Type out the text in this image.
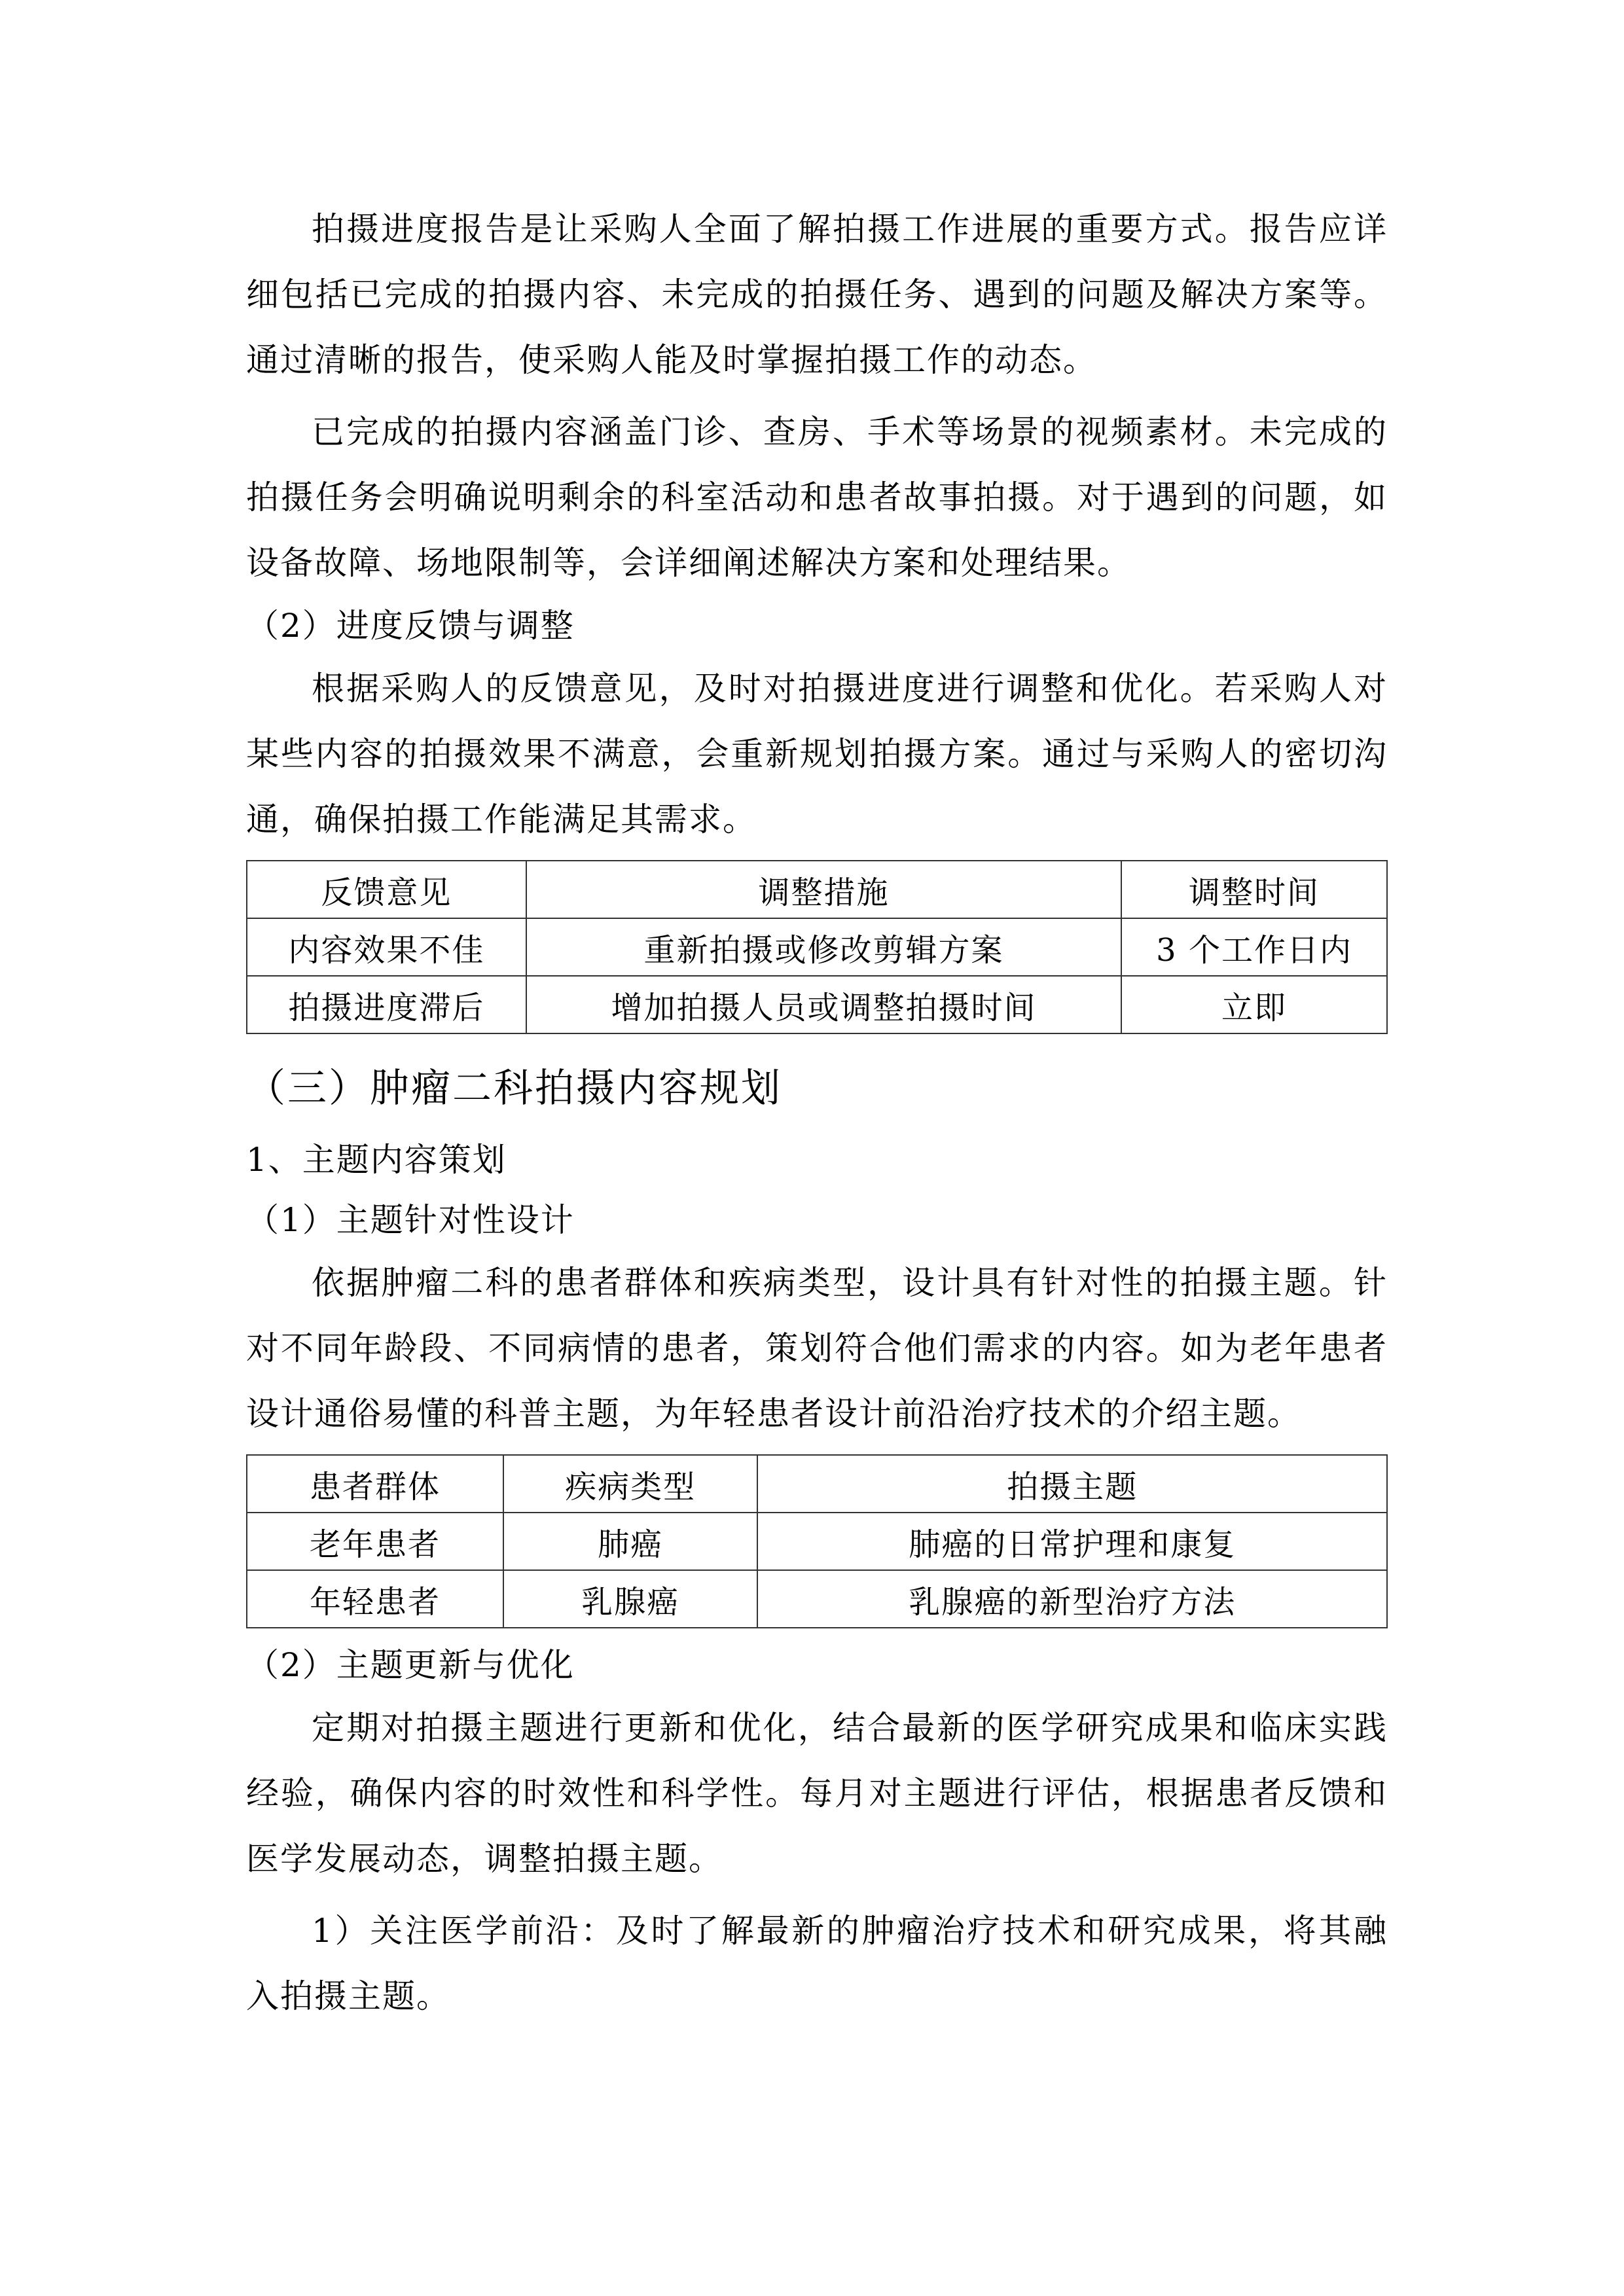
拍摄进度报告是让采购人全面了解拍摄工作进展的重要方式。报告应详细包括已完成的拍摄内容、未完成的拍摄任务、遇到的问题及解决方案等。通过清晰的报告，使采购人能及时掌握拍摄工作的动态。

已完成的拍摄内容涵盖门诊、查房、手术等场景的视频素材。未完成的拍摄任务会明确说明剩余的科室活动和患者故事拍摄。对于遇到的问题，如设备故障、场地限制等，会详细阐述解决方案和处理结果。

（2）进度反馈与调整

根据采购人的反馈意见，及时对拍摄进度进行调整和优化。若采购人对某些内容的拍摄效果不满意，会重新规划拍摄方案。通过与采购人的密切沟通，确保拍摄工作能满足其需求。

反馈意见	调整措施	调整时间
内容效果不佳	重新拍摄或修改剪辑方案	3 个工作日内
拍摄进度滞后	增加拍摄人员或调整拍摄时间	立即

（三）肿瘤二科拍摄内容规划

1、主题内容策划

（1）主题针对性设计

依据肿瘤二科的患者群体和疾病类型，设计具有针对性的拍摄主题。针对不同年龄段、不同病情的患者，策划符合他们需求的内容。如为老年患者设计通俗易懂的科普主题，为年轻患者设计前沿治疗技术的介绍主题。

患者群体	疾病类型	拍摄主题
老年患者	肺癌	肺癌的日常护理和康复
年轻患者	乳腺癌	乳腺癌的新型治疗方法

（2）主题更新与优化

定期对拍摄主题进行更新和优化，结合最新的医学研究成果和临床实践经验，确保内容的时效性和科学性。每月对主题进行评估，根据患者反馈和医学发展动态，调整拍摄主题。

1）关注医学前沿：及时了解最新的肿瘤治疗技术和研究成果，将其融入拍摄主题。
